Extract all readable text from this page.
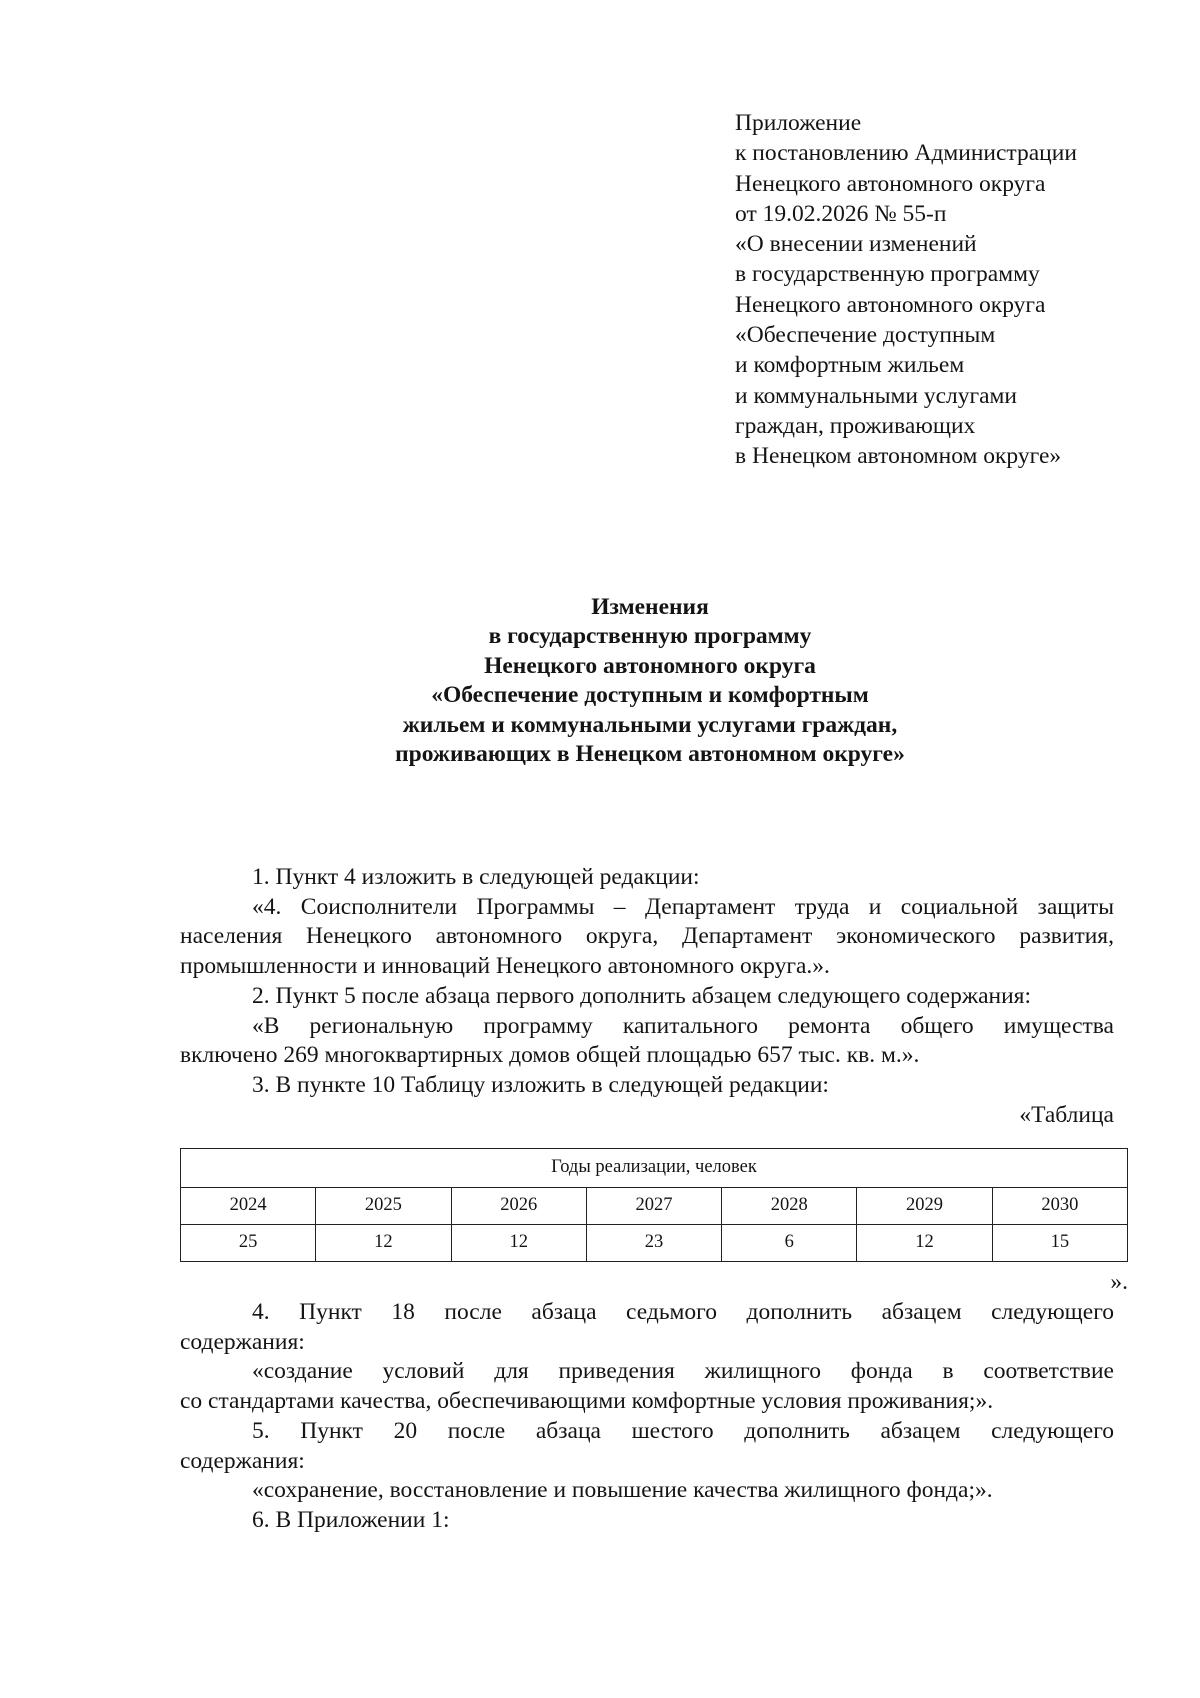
Приложение
к постановлению Администрации
Ненецкого автономного округа
от 19.02.2026 № 55-п
«О внесении изменений
в государственную программу
Ненецкого автономного округа
«Обеспечение доступным
и комфортным жильем
и коммунальными услугами
граждан, проживающих
в Ненецком автономном округе»
Изменения
в государственную программу
Ненецкого автономного округа
«Обеспечение доступным и комфортным
жильем и коммунальными услугами граждан,
проживающих в Ненецком автономном округе»
1. Пункт 4 изложить в следующей редакции:
«4. Соисполнители Программы – Департамент труда и социальной защиты
населения Ненецкого автономного округа, Департамент экономического развития,
промышленности и инноваций Ненецкого автономного округа.».
2. Пункт 5 после абзаца первого дополнить абзацем следующего содержания:
«В региональную программу капитального ремонта общего имущества
включено 269 многоквартирных домов общей площадью 657 тыс. кв. м.».
3. В пункте 10 Таблицу изложить в следующей редакции:
«Таблица
Годы реализации, человек						
2024	2025	2026	2027	2028	2029	2030
25	12	12	23	6	12	15
».
4. Пункт 18 после абзаца седьмого дополнить абзацем следующего
содержания:
«создание условий для приведения жилищного фонда в соответствие
со стандартами качества, обеспечивающими комфортные условия проживания;».
5. Пункт 20 после абзаца шестого дополнить абзацем следующего
содержания:
«сохранение, восстановление и повышение качества жилищного фонда;».
6. В Приложении 1:
